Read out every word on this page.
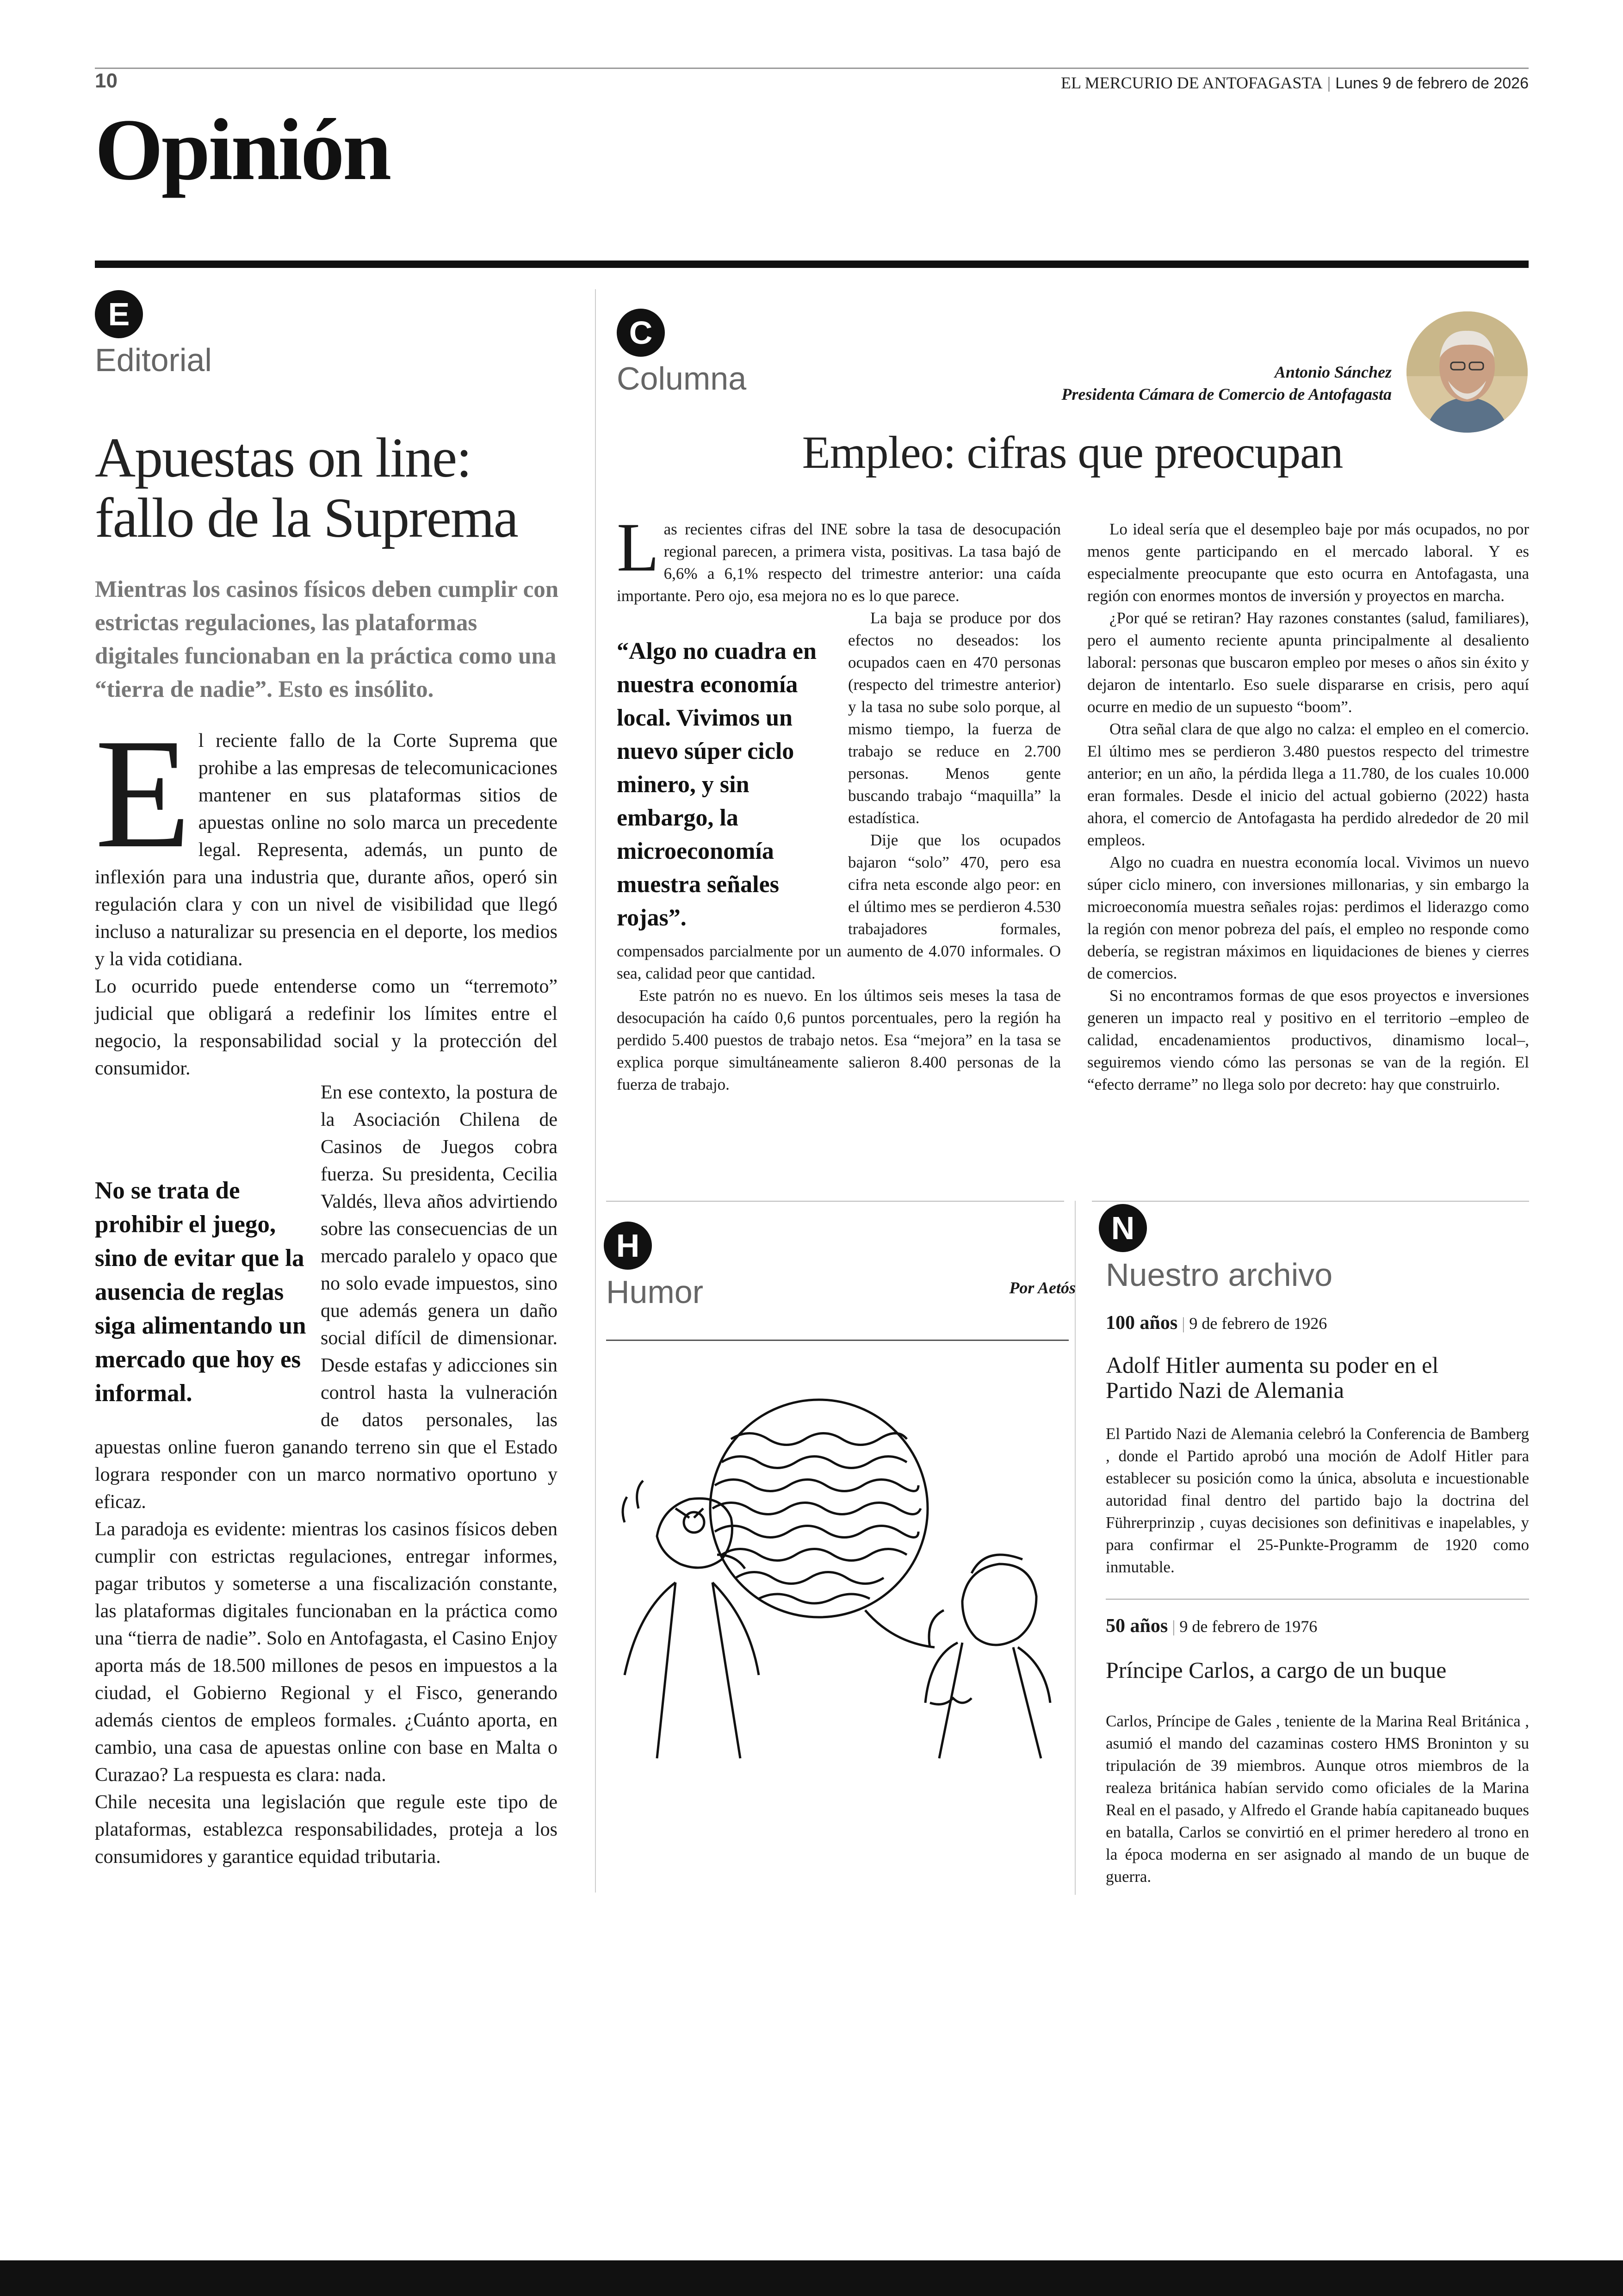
10	EL MERCURIO DE ANTOFAGASTA | Lunes 9 de febrero de 2026
Opinión
E
Editorial
Apuestas on line:
fallo de la Suprema
Mientras los casinos físicos deben cumplir con estrictas regulaciones, las plataformas digitales funcionaban en la práctica como una “tierra de nadie”. Esto es insólito.
E l reciente fallo de la Corte Suprema que prohibe a las empresas de telecomunicaciones mantener en sus plataformas sitios de apuestas online no solo marca un precedente legal. Representa, además, un punto de inflexión para una industria que, durante años, operó sin regulación clara y con un nivel de visibilidad que llegó incluso a naturalizar su presencia en el deporte, los medios y la vida cotidiana.

Lo ocurrido puede entenderse como un “terremoto” judicial que obligará a redefinir los límites entre el negocio, la responsabilidad social y la protección del consumidor.

No se trata de prohibir el juego, sino de evitar que la ausencia de reglas siga alimentando un mercado que hoy es informal.

En ese contexto, la postura de la Asociación Chilena de Casinos de Juegos cobra fuerza. Su presidenta, Cecilia Valdés, lleva años advirtiendo sobre las consecuencias de un mercado paralelo y opaco que no solo evade impuestos, sino que además genera un daño social difícil de dimensionar. Desde estafas y adicciones sin control hasta la vulneración de datos personales, las apuestas online fueron ganando terreno sin que el Estado lograra responder con un marco normativo oportuno y eficaz.

La paradoja es evidente: mientras los casinos físicos deben cumplir con estrictas regulaciones, entregar informes, pagar tributos y someterse a una fiscalización constante, las plataformas digitales funcionaban en la práctica como una “tierra de nadie”. Solo en Antofagasta, el Casino Enjoy aporta más de 18.500 millones de pesos en impuestos a la ciudad, el Gobierno Regional y el Fisco, generando además cientos de empleos formales. ¿Cuánto aporta, en cambio, una casa de apuestas online con base en Malta o Curazao? La respuesta es clara: nada.

Chile necesita una legislación que regule este tipo de plataformas, establezca responsabilidades, proteja a los consumidores y garantice equidad tributaria.

C
Columna	Antonio Sánchez
Presidenta Cámara de Comercio de Antofagasta
Empleo: cifras que preocupan
L as recientes cifras del INE sobre la tasa de desocupación regional parecen, a primera vista, positivas. La tasa bajó de 6,6% a 6,1% respecto del trimestre anterior: una caída importante. Pero ojo, esa mejora no es lo que parece.

“Algo no cuadra en nuestra economía local. Vivimos un nuevo súper ciclo minero, y sin embargo, la microeconomía muestra señales rojas”.

La baja se produce por dos efectos no deseados: los ocupados caen en 470 personas (respecto del trimestre anterior) y la tasa no sube solo porque, al mismo tiempo, la fuerza de trabajo se reduce en 2.700 personas. Menos gente buscando trabajo “maquilla” la estadística.

Dije que los ocupados bajaron “solo” 470, pero esa cifra neta esconde algo peor: en el último mes se perdieron 4.530 trabajadores formales, compensados parcialmente por un aumento de 4.070 informales. O sea, calidad peor que cantidad.

Este patrón no es nuevo. En los últimos seis meses la tasa de desocupación ha caído 0,6 puntos porcentuales, pero la región ha perdido 5.400 puestos de trabajo netos. Esa “mejora” en la tasa se explica porque simultáneamente salieron 8.400 personas de la fuerza de trabajo.

Lo ideal sería que el desempleo baje por más ocupados, no por menos gente participando en el mercado laboral. Y es especialmente preocupante que esto ocurra en Antofagasta, una región con enormes montos de inversión y proyectos en marcha.

¿Por qué se retiran? Hay razones constantes (salud, familiares), pero el aumento reciente apunta principalmente al desaliento laboral: personas que buscaron empleo por meses o años sin éxito y dejaron de intentarlo. Eso suele dispararse en crisis, pero aquí ocurre en medio de un supuesto “boom”.

Otra señal clara de que algo no calza: el empleo en el comercio. El último mes se perdieron 3.480 puestos respecto del trimestre anterior; en un año, la pérdida llega a 11.780, de los cuales 10.000 eran formales. Desde el inicio del actual gobierno (2022) hasta ahora, el comercio de Antofagasta ha perdido alrededor de 20 mil empleos.

Algo no cuadra en nuestra economía local. Vivimos un nuevo súper ciclo minero, con inversiones millonarias, y sin embargo la microeconomía muestra señales rojas: perdimos el liderazgo como la región con menor pobreza del país, el empleo no responde como debería, se registran máximos en liquidaciones de bienes y cierres de comercios.

Si no encontramos formas de que esos proyectos e inversiones generen un impacto real y positivo en el territorio –empleo de calidad, encadenamientos productivos, dinamismo local–, seguiremos viendo cómo las personas se van de la región. El “efecto derrame” no llega solo por decreto: hay que construirlo.

H
Humor	Por Aetós
N
Nuestro archivo
100 años | 9 de febrero de 1926
Adolf Hitler aumenta su poder en el Partido Nazi de Alemania
El Partido Nazi de Alemania celebró la Conferencia de Bamberg , donde el Partido aprobó una moción de Adolf Hitler para establecer su posición como la única, absoluta e incuestionable autoridad final dentro del partido bajo la doctrina del Führerprinzip , cuyas decisiones son definitivas e inapelables, y para confirmar el 25-Punkte-Programm de 1920 como inmutable.
50 años | 9 de febrero de 1976
Príncipe Carlos, a cargo de un buque
Carlos, Príncipe de Gales , teniente de la Marina Real Británica , asumió el mando del cazaminas costero HMS Broninton y su tripulación de 39 miembros. Aunque otros miembros de la realeza británica habían servido como oficiales de la Marina Real en el pasado, y Alfredo el Grande había capitaneado buques en batalla, Carlos se convirtió en el primer heredero al trono en la época moderna en ser asignado al mando de un buque de guerra.
